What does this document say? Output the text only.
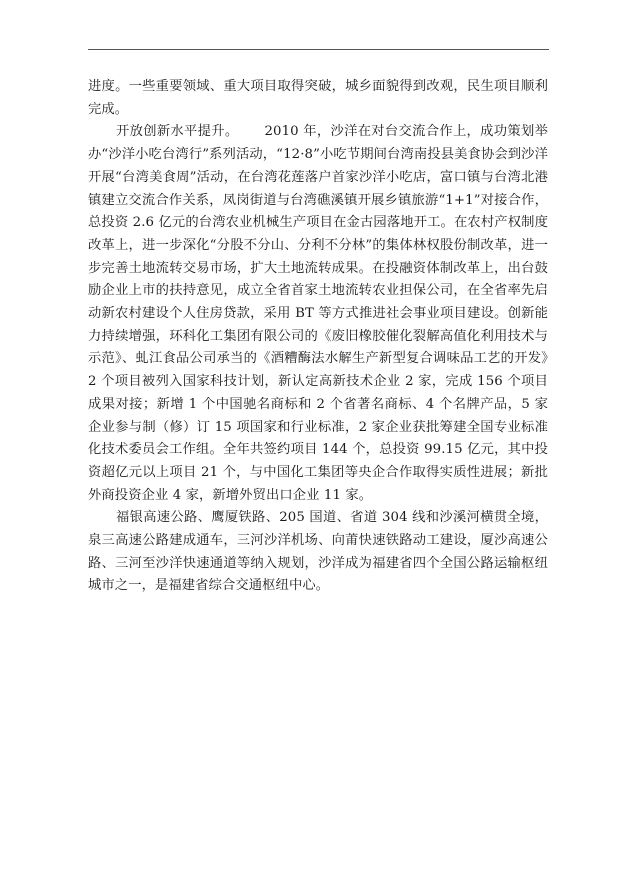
进度。一些重要领域、重大项目取得突破，城乡面貌得到改观，民生项目顺利完成。

开放创新水平提升。 2010 年，沙洋在对台交流合作上，成功策划举办“沙洋小吃台湾行”系列活动，“12·8”小吃节期间台湾南投县美食协会到沙洋开展“台湾美食周”活动，在台湾花莲落户首家沙洋小吃店，富口镇与台湾北港镇建立交流合作关系，凤岗街道与台湾礁溪镇开展乡镇旅游“1+1”对接合作，总投资 2.6 亿元的台湾农业机械生产项目在金古园落地开工。在农村产权制度改革上，进一步深化“分股不分山、分利不分林”的集体林权股份制改革，进一步完善土地流转交易市场，扩大土地流转成果。在投融资体制改革上，出台鼓励企业上市的扶持意见，成立全省首家土地流转农业担保公司，在全省率先启动新农村建设个人住房贷款，采用 BT 等方式推进社会事业项目建设。创新能力持续增强，环科化工集团有限公司的《废旧橡胶催化裂解高值化利用技术与示范》、虬江食品公司承当的《酒糟酶法水解生产新型复合调味品工艺的开发》2 个项目被列入国家科技计划，新认定高新技术企业 2 家，完成 156 个项目成果对接；新增 1 个中国驰名商标和 2 个省著名商标、4 个名牌产品，5 家企业参与制（修）订 15 项国家和行业标准，2 家企业获批筹建全国专业标准化技术委员会工作组。全年共签约项目 144 个，总投资 99.15 亿元，其中投资超亿元以上项目 21 个，与中国化工集团等央企合作取得实质性进展；新批外商投资企业 4 家，新增外贸出口企业 11 家。

福银高速公路、鹰厦铁路、205 国道、省道 304 线和沙溪河横贯全境，泉三高速公路建成通车，三河沙洋机场、向莆快速铁路动工建设，厦沙高速公路、三河至沙洋快速通道等纳入规划，沙洋成为福建省四个全国公路运输枢纽城市之一，是福建省综合交通枢纽中心。
